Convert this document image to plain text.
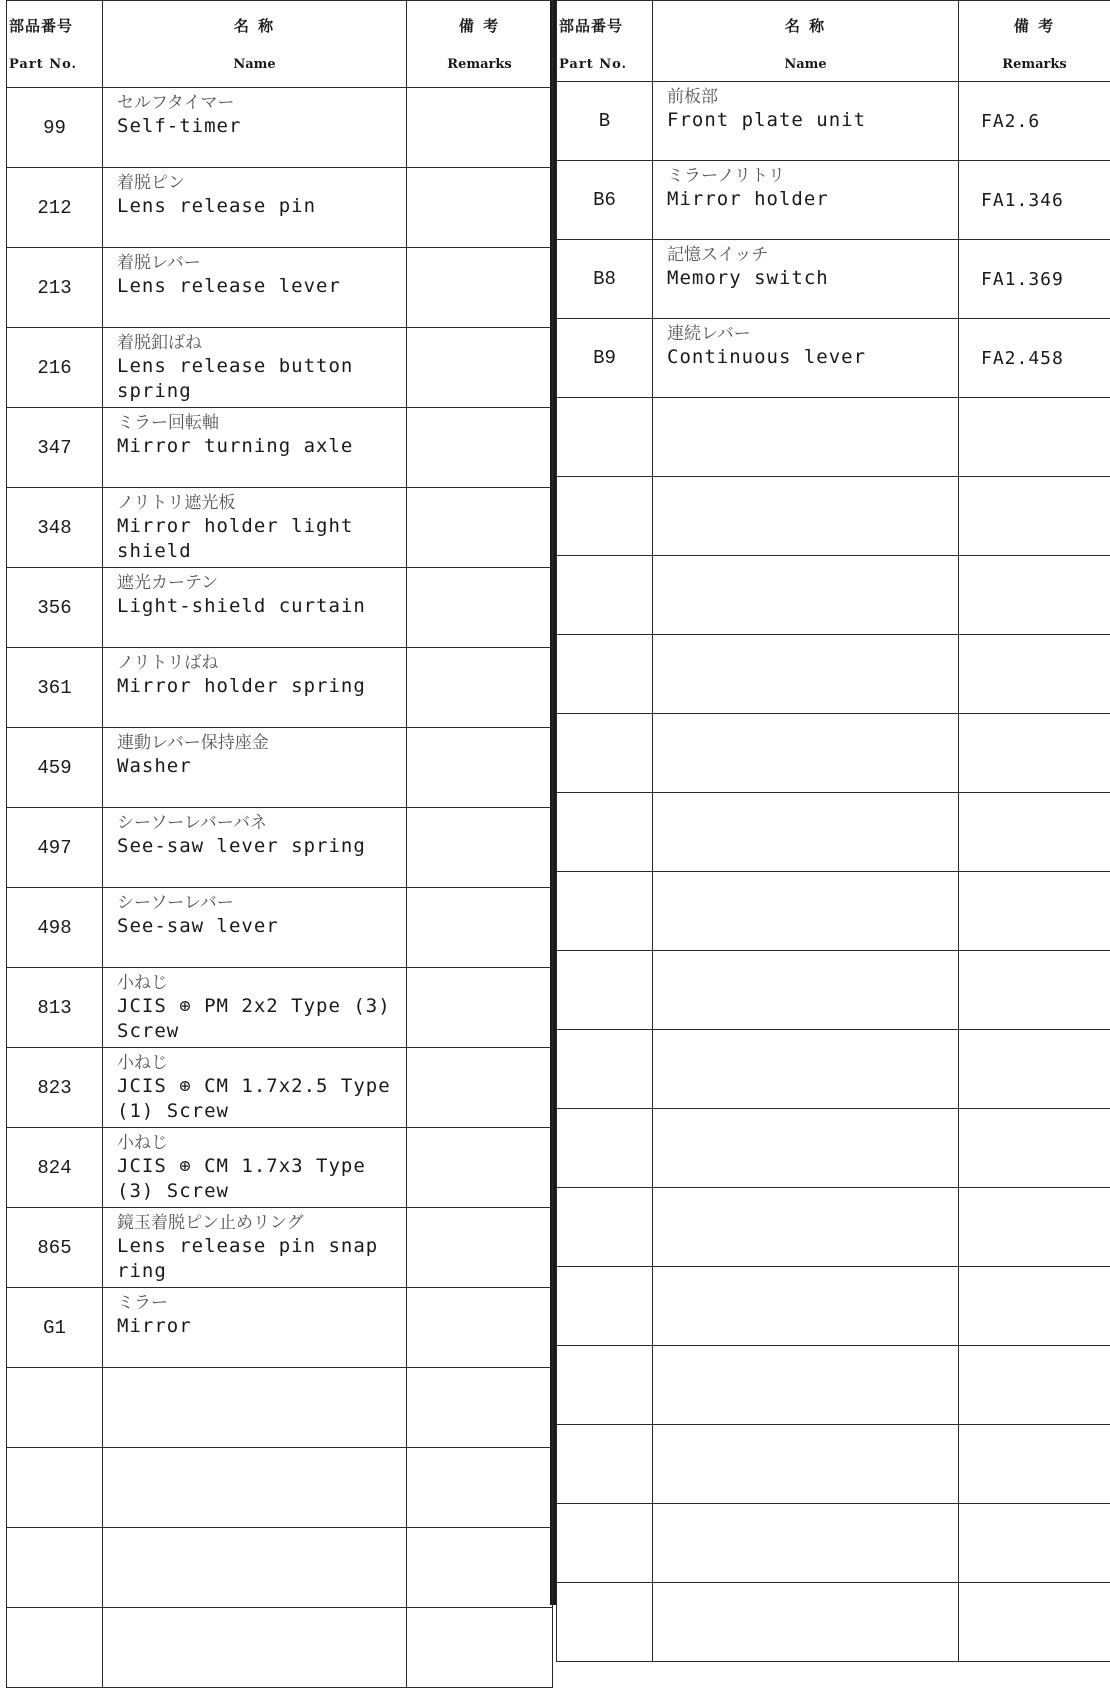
部品番号
Part No.	名 称
Name	備 考
Remarks

99	セルフタイマー
Self-timer	

212	着脱ピン
Lens release pin	

213	着脱レバー
Lens release lever	

216	着脱釦ばね
Lens release button spring	

347	ミラー回転軸
Mirror turning axle	

348	ノリトリ遮光板
Mirror holder light shield	

356	遮光カーテン
Light-shield curtain	

361	ノリトリばね
Mirror holder spring	

459	連動レバー保持座金
Washer	

497	シーソーレバーバネ
See-saw lever spring	

498	シーソーレバー
See-saw lever	

813	小ねじ
JCIS ⊕ PM 2x2 Type (3) Screw	

823	小ねじ
JCIS ⊕ CM 1.7x2.5 Type (1) Screw	

824	小ねじ
JCIS ⊕ CM 1.7x3 Type (3) Screw	

865	鏡玉着脱ピン止めリング
Lens release pin snap ring	

G1	ミラー
Mirror	

部品番号
Part No.	名 称
Name	備 考
Remarks

B	前板部
Front plate unit	FA2.6
B6	ミラーノリトリ
Mirror holder	FA1.346
B8	記憶スイッチ
Memory switch	FA1.369
B9	連続レバー
Continuous lever	FA2.458
